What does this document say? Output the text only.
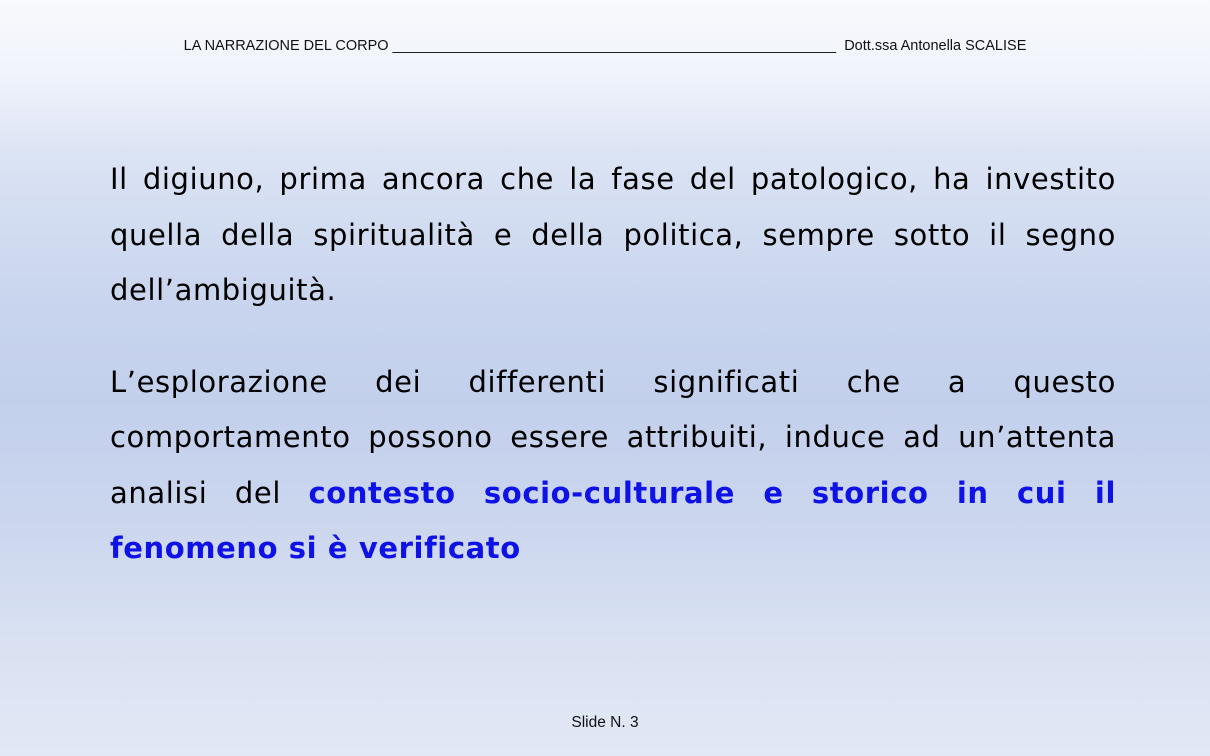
LA NARRAZIONE DEL CORPO _______________________________________________________ Dott.ssa Antonella SCALISE

Il digiuno, prima ancora che la fase del patologico, ha investito quella della spiritualità e della politica, sempre sotto il segno dell’ambiguità.

L’esplorazione dei differenti significati che a questo comportamento possono essere attribuiti, induce ad un’attenta analisi del contesto socio-culturale e storico in cui il fenomeno si è verificato

Slide N. 3
